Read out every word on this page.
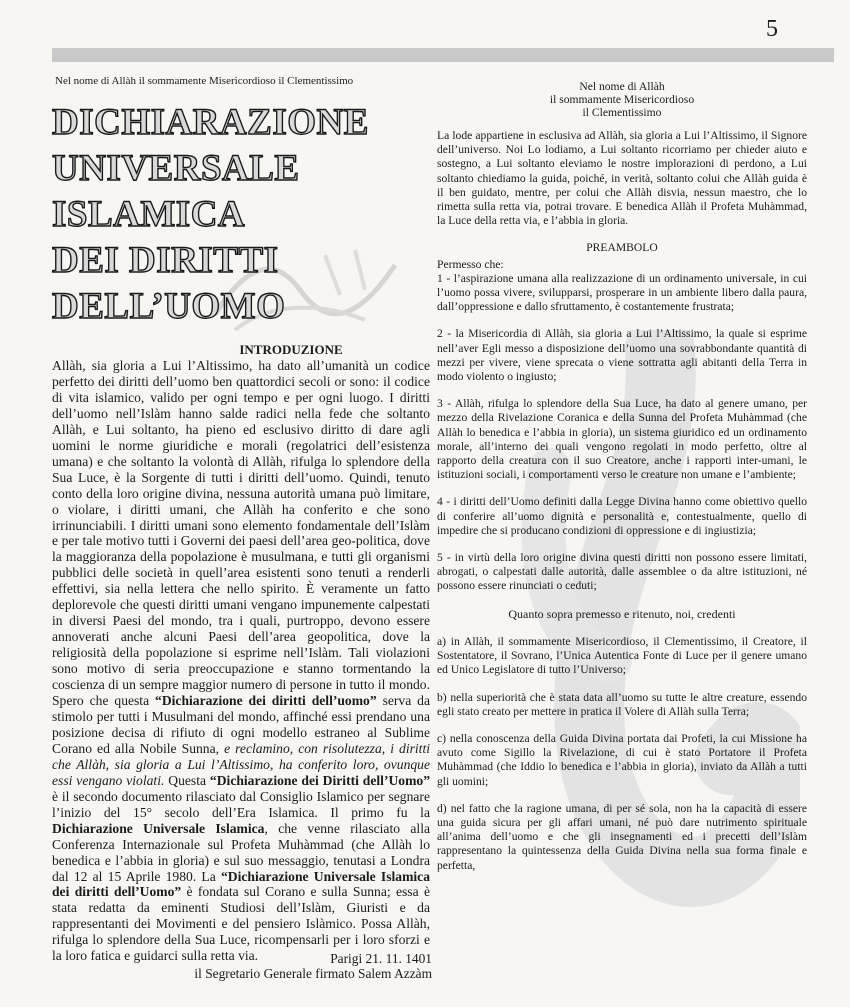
5
Nel nome di Allàh il sommamente Misericordioso il Clementissimo
DICHIARAZIONE
UNIVERSALE
ISLAMICA
DEI DIRITTI
DELL’UOMO
INTRODUZIONE

Allàh, sia gloria a Lui l’Altissimo, ha dato all’umanità un codice perfetto dei diritti dell’uomo ben quattordici secoli or sono: il codice di vita islamico, valido per ogni tempo e per ogni luogo. I diritti dell’uomo nell’Islàm hanno salde radici nella fede che soltanto Allàh, e Lui soltanto, ha pieno ed esclusivo diritto di dare agli uomini le norme giuridiche e morali (regolatrici dell’esistenza umana) e che soltanto la volontà di Allàh, rifulga lo splendore della Sua Luce, è la Sorgente di tutti i diritti dell’uomo. Quindi, tenuto conto della loro origine divina, nessuna autorità umana può limitare, o violare, i diritti umani, che Allàh ha conferito e che sono irrinunciabili. I diritti umani sono elemento fondamentale dell’Islàm e per tale motivo tutti i Governi dei paesi dell’area geo-politica, dove la maggioranza della popolazione è musulmana, e tutti gli organismi pubblici delle società in quell’area esistenti sono tenuti a renderli effettivi, sia nella lettera che nello spirito. È veramente un fatto deplorevole che questi diritti umani vengano impunemente calpestati in diversi Paesi del mondo, tra i quali, purtroppo, devono essere annoverati anche alcuni Paesi dell’area geopolitica, dove la religiosità della popolazione si esprime nell’Islàm. Tali violazioni sono motivo di seria preoccupazione e stanno tormentando la coscienza di un sempre maggior numero di persone in tutto il mondo. Spero che questa “Dichiarazione dei diritti dell’uomo” serva da stimolo per tutti i Musulmani del mondo, affinché essi prendano una posizione decisa di rifiuto di ogni modello estraneo al Sublime Corano ed alla Nobile Sunna, e reclamino, con risolutezza, i diritti che Allàh, sia gloria a Lui l’Altissimo, ha conferito loro, ovunque essi vengano violati. Questa “Dichiarazione dei Diritti dell’Uomo” è il secondo documento rilasciato dal Consiglio Islamico per segnare l’inizio del 15° secolo dell’Era Islamica. Il primo fu la Dichiarazione Universale Islamica, che venne rilasciato alla Conferenza Internazionale sul Profeta Muhàmmad (che Allàh lo benedica e l’abbia in gloria) e sul suo messaggio, tenutasi a Londra dal 12 al 15 Aprile 1980. La “Dichiarazione Universale Islamica dei diritti dell’Uomo” è fondata sul Corano e sulla Sunna; essa è stata redatta da eminenti Studiosi dell’Islàm, Giuristi e da rappresentanti dei Movimenti e del pensiero Islàmico. Possa Allàh, rifulga lo splendore della Sua Luce, ricompensarli per i loro sforzi e la loro fatica e guidarci sulla retta via.	Parigi 21. 11. 1401
il Segretario Generale firmato Salem Azzàm
Nel nome di Allàh
il sommamente Misericordioso
il Clementissimo

La lode appartiene in esclusiva ad Allàh, sia gloria a Lui l’Altissimo, il Signore dell’universo. Noi Lo lodiamo, a Lui soltanto ricorriamo per chieder aiuto e sostegno, a Lui soltanto eleviamo le nostre implorazioni di perdono, a Lui soltanto chiediamo la guida, poiché, in verità, soltanto colui che Allàh guida è il ben guidato, mentre, per colui che Allàh disvia, nessun maestro, che lo rimetta sulla retta via, potrai trovare. E benedica Allàh il Profeta Muhàmmad, la Luce della retta via, e l’abbia in gloria.

PREAMBOLO
Permesso che:

1 - l’aspirazione umana alla realizzazione di un ordinamento universale, in cui l’uomo possa vivere, svilupparsi, prosperare in un ambiente libero dalla paura, dall’oppressione e dallo sfruttamento, è costantemente frustrata;

2 - la Misericordia di Allàh, sia gloria a Lui l’Altissimo, la quale si esprime nell’aver Egli messo a disposizione dell’uomo una sovrabbondante quantità di mezzi per vivere, viene sprecata o viene sottratta agli abitanti della Terra in modo violento o ingiusto;

3 - Allàh, rifulga lo splendore della Sua Luce, ha dato al genere umano, per mezzo della Rivelazione Coranica e della Sunna del Profeta Muhàmmad (che Allàh lo benedica e l’abbia in gloria), un sistema giuridico ed un ordinamento morale, all’interno dei quali vengono regolati in modo perfetto, oltre al rapporto della creatura con il suo Creatore, anche i rapporti inter-umani, le istituzioni sociali, i comportamenti verso le creature non umane e l’ambiente;

4 - i diritti dell’Uomo definiti dalla Legge Divina hanno come obiettivo quello di conferire all’uomo dignità e personalità e, contestualmente, quello di impedire che si producano condizioni di oppressione e di ingiustizia;

5 - in virtù della loro origine divina questi diritti non possono essere limitati, abrogati, o calpestati dalle autorità, dalle assemblee o da altre istituzioni, né possono essere rinunciati o ceduti;

Quanto sopra premesso e ritenuto, noi, credenti

a) in Allàh, il sommamente Misericordioso, il Clementissimo, il Creatore, il Sostentatore, il Sovrano, l’Unica Autentica Fonte di Luce per il genere umano ed Unico Legislatore di tutto l’Universo;

b) nella superiorità che è stata data all’uomo su tutte le altre creature, essendo egli stato creato per mettere in pratica il Volere di Allàh sulla Terra;

c) nella conoscenza della Guida Divina portata dai Profeti, la cui Missione ha avuto come Sigillo la Rivelazione, di cui è stato Portatore il Profeta Muhàmmad (che Iddio lo benedica e l’abbia in gloria), inviato da Allàh a tutti gli uomini;

d) nel fatto che la ragione umana, di per sé sola, non ha la capacità di essere una guida sicura per gli affari umani, né può dare nutrimento spirituale all’anima dell’uomo e che gli insegnamenti ed i precetti dell’Islàm rappresentano la quintessenza della Guida Divina nella sua forma finale e perfetta,
